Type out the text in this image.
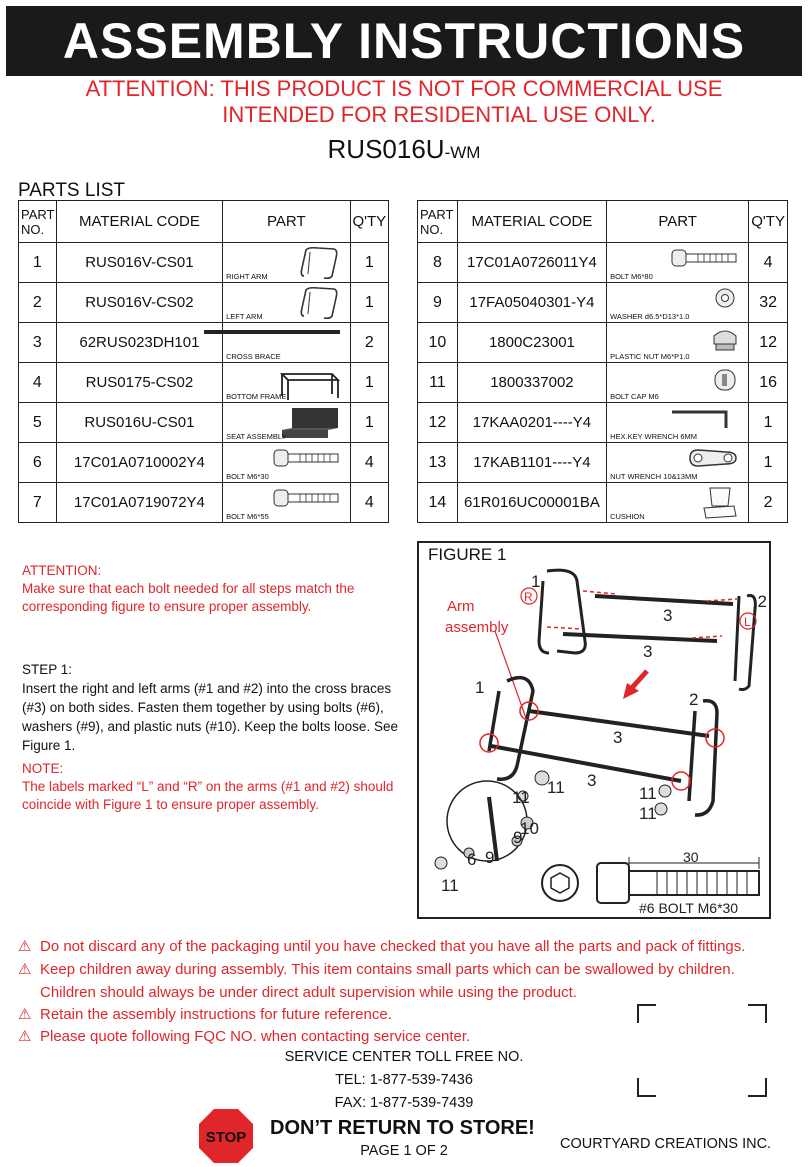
ASSEMBLY INSTRUCTIONS
ATTENTION: THIS PRODUCT IS NOT FOR COMMERCIAL USE
INTENDED FOR RESIDENTIAL USE ONLY.
RUS016U-WM
PARTS LIST
PART NO.	MATERIAL CODE	PART	Q'TY
1	RUS016V-CS01	RIGHT ARM	1
2	RUS016V-CS02	LEFT ARM	1
3	62RUS023DH101	CROSS BRACE	2
4	RUS0175-CS02	BOTTOM FRAME	1
5	RUS016U-CS01	SEAT ASSEMBLY	1
6	17C01A0710002Y4	BOLT M6*30	4
7	17C01A0719072Y4	BOLT M6*55	4
PART NO.	MATERIAL CODE	PART	Q'TY
8	17C01A0726011Y4	BOLT M6*80	4
9	17FA05040301-Y4	WASHER d6.5*D13*1.0	32
10	1800C23001	PLASTIC NUT M6*P1.0	12
11	1800337002	BOLT CAP M6	16
12	17KAA0201----Y4	HEX.KEY WRENCH 6MM	1
13	17KAB1101----Y4	NUT WRENCH 10&13MM	1
14	61R016UC00001BA	CUSHION	2
ATTENTION:
Make sure that each bolt needed for all steps match the corresponding figure to ensure proper assembly.
STEP 1:
Insert the right and left arms (#1 and #2) into the cross braces (#3) on both sides. Fasten them together by using bolts (#6), washers (#9), and plastic nuts (#10). Keep the bolts loose. See Figure 1.
NOTE:
The labels marked “L” and “R” on the arms (#1 and #2) should coincide with Figure 1 to ensure proper assembly.
FIGURE 1
1
2
3
3
1
2
3
3
11
11	11
11
10
9
9
6
11
30
#6 BOLT M6*30
Arm
assembly
R
L
⚠ Do not discard any of the packaging until you have checked that you have all the parts and pack of fittings.
⚠ Keep children away during assembly. This item contains small parts which can be swallowed by children.
Children should always be under direct adult supervision while using the product.
⚠ Retain the assembly instructions for future reference.
⚠ Please quote following FQC NO. when contacting service center.
SERVICE CENTER TOLL FREE NO.
TEL: 1-877-539-7436
FAX: 1-877-539-7439
STOP DON’T RETURN TO STORE!
COURTYARD CREATIONS INC.
PAGE 1 OF 2
